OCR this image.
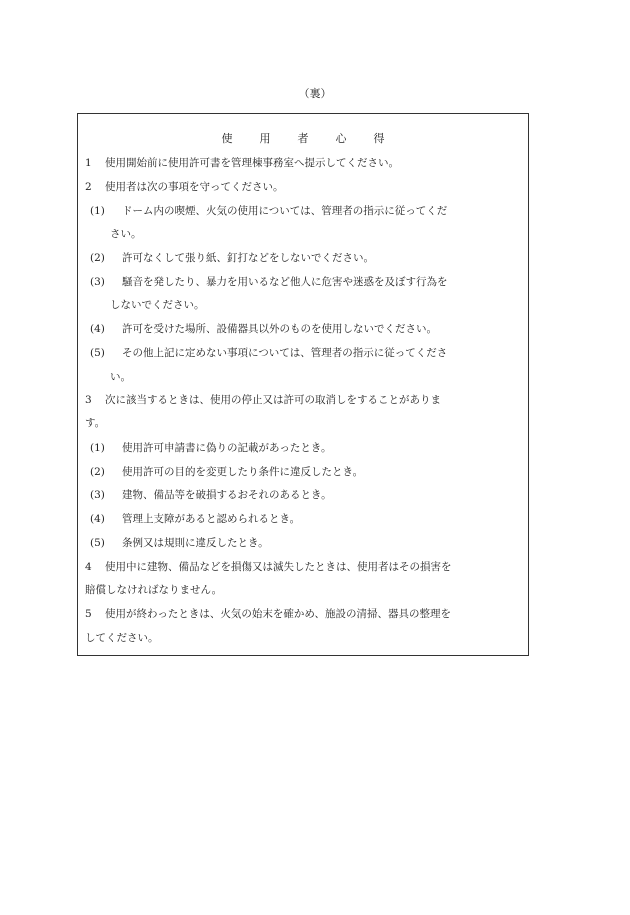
（裏）
使 用 者 心 得
1 使用開始前に使用許可書を管理棟事務室へ提示してください。
2 使用者は次の事項を守ってください。
(1) ドーム内の喫煙、火気の使用については、管理者の指示に従ってくだ
さい。
(2) 許可なくして張り紙、釘打などをしないでください。
(3) 騒音を発したり、暴力を用いるなど他人に危害や迷惑を及ぼす行為を
しないでください。
(4) 許可を受けた場所、設備器具以外のものを使用しないでください。
(5) その他上記に定めない事項については、管理者の指示に従ってくださ
い。
3 次に該当するときは、使用の停止又は許可の取消しをすることがありま
す。
(1) 使用許可申請書に偽りの記載があったとき。
(2) 使用許可の目的を変更したり条件に違反したとき。
(3) 建物、備品等を破損するおそれのあるとき。
(4) 管理上支障があると認められるとき。
(5) 条例又は規則に違反したとき。
4 使用中に建物、備品などを損傷又は滅失したときは、使用者はその損害を
賠償しなければなりません。
5 使用が終わったときは、火気の始末を確かめ、施設の清掃、器具の整理を
してください。
